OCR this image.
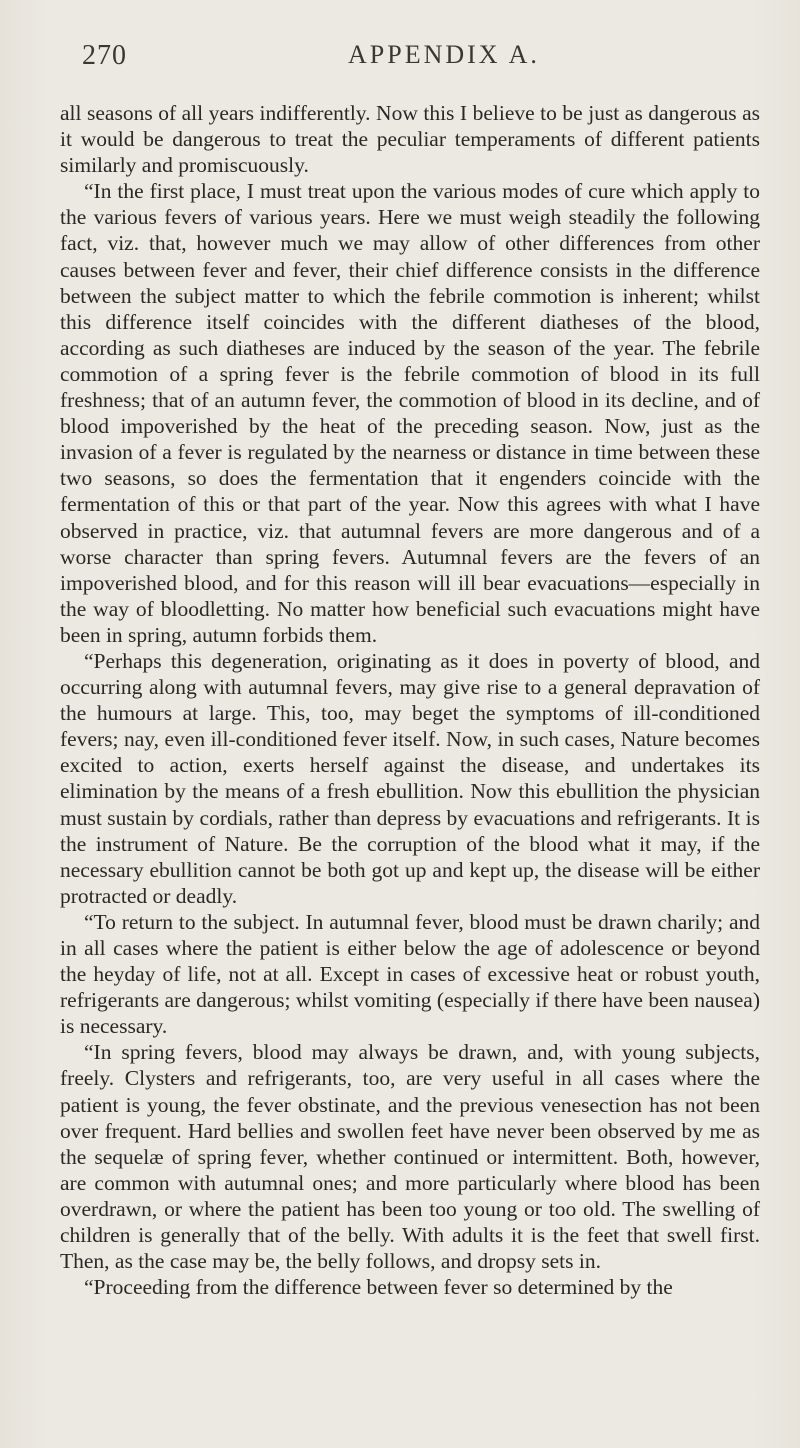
270	APPENDIX A.

all seasons of all years indifferently. Now this I believe to be just as dangerous as it would be dangerous to treat the peculiar temperaments of different patients similarly and promiscuously.

“In the first place, I must treat upon the various modes of cure which apply to the various fevers of various years. Here we must weigh steadily the following fact, viz. that, however much we may allow of other differences from other causes between fever and fever, their chief difference consists in the difference between the subject matter to which the febrile commotion is inherent; whilst this difference itself coincides with the different diatheses of the blood, according as such diatheses are induced by the season of the year. The febrile commotion of a spring fever is the febrile commotion of blood in its full freshness; that of an autumn fever, the commotion of blood in its decline, and of blood impoverished by the heat of the preceding season. Now, just as the invasion of a fever is regulated by the nearness or distance in time between these two seasons, so does the fermentation that it engenders coincide with the fermentation of this or that part of the year. Now this agrees with what I have observed in practice, viz. that autumnal fevers are more dangerous and of a worse character than spring fevers. Autumnal fevers are the fevers of an impoverished blood, and for this reason will ill bear evacuations—especially in the way of bloodletting. No matter how beneficial such evacuations might have been in spring, autumn forbids them.

“Perhaps this degeneration, originating as it does in poverty of blood, and occurring along with autumnal fevers, may give rise to a general depravation of the humours at large. This, too, may beget the symptoms of ill-conditioned fevers; nay, even ill-conditioned fever itself. Now, in such cases, Nature becomes excited to action, exerts herself against the disease, and undertakes its elimination by the means of a fresh ebullition. Now this ebullition the physician must sustain by cordials, rather than depress by evacuations and refrigerants. It is the instrument of Nature. Be the corruption of the blood what it may, if the necessary ebullition cannot be both got up and kept up, the disease will be either protracted or deadly.

“To return to the subject. In autumnal fever, blood must be drawn charily; and in all cases where the patient is either below the age of adolescence or beyond the heyday of life, not at all. Except in cases of excessive heat or robust youth, refrigerants are dangerous; whilst vomiting (especially if there have been nausea) is necessary.

“In spring fevers, blood may always be drawn, and, with young subjects, freely. Clysters and refrigerants, too, are very useful in all cases where the patient is young, the fever obstinate, and the previous venesection has not been over frequent. Hard bellies and swollen feet have never been observed by me as the sequelæ of spring fever, whether continued or intermittent. Both, however, are common with autumnal ones; and more particularly where blood has been overdrawn, or where the patient has been too young or too old. The swelling of children is generally that of the belly. With adults it is the feet that swell first. Then, as the case may be, the belly follows, and dropsy sets in.

“Proceeding from the difference between fever so determined by the
